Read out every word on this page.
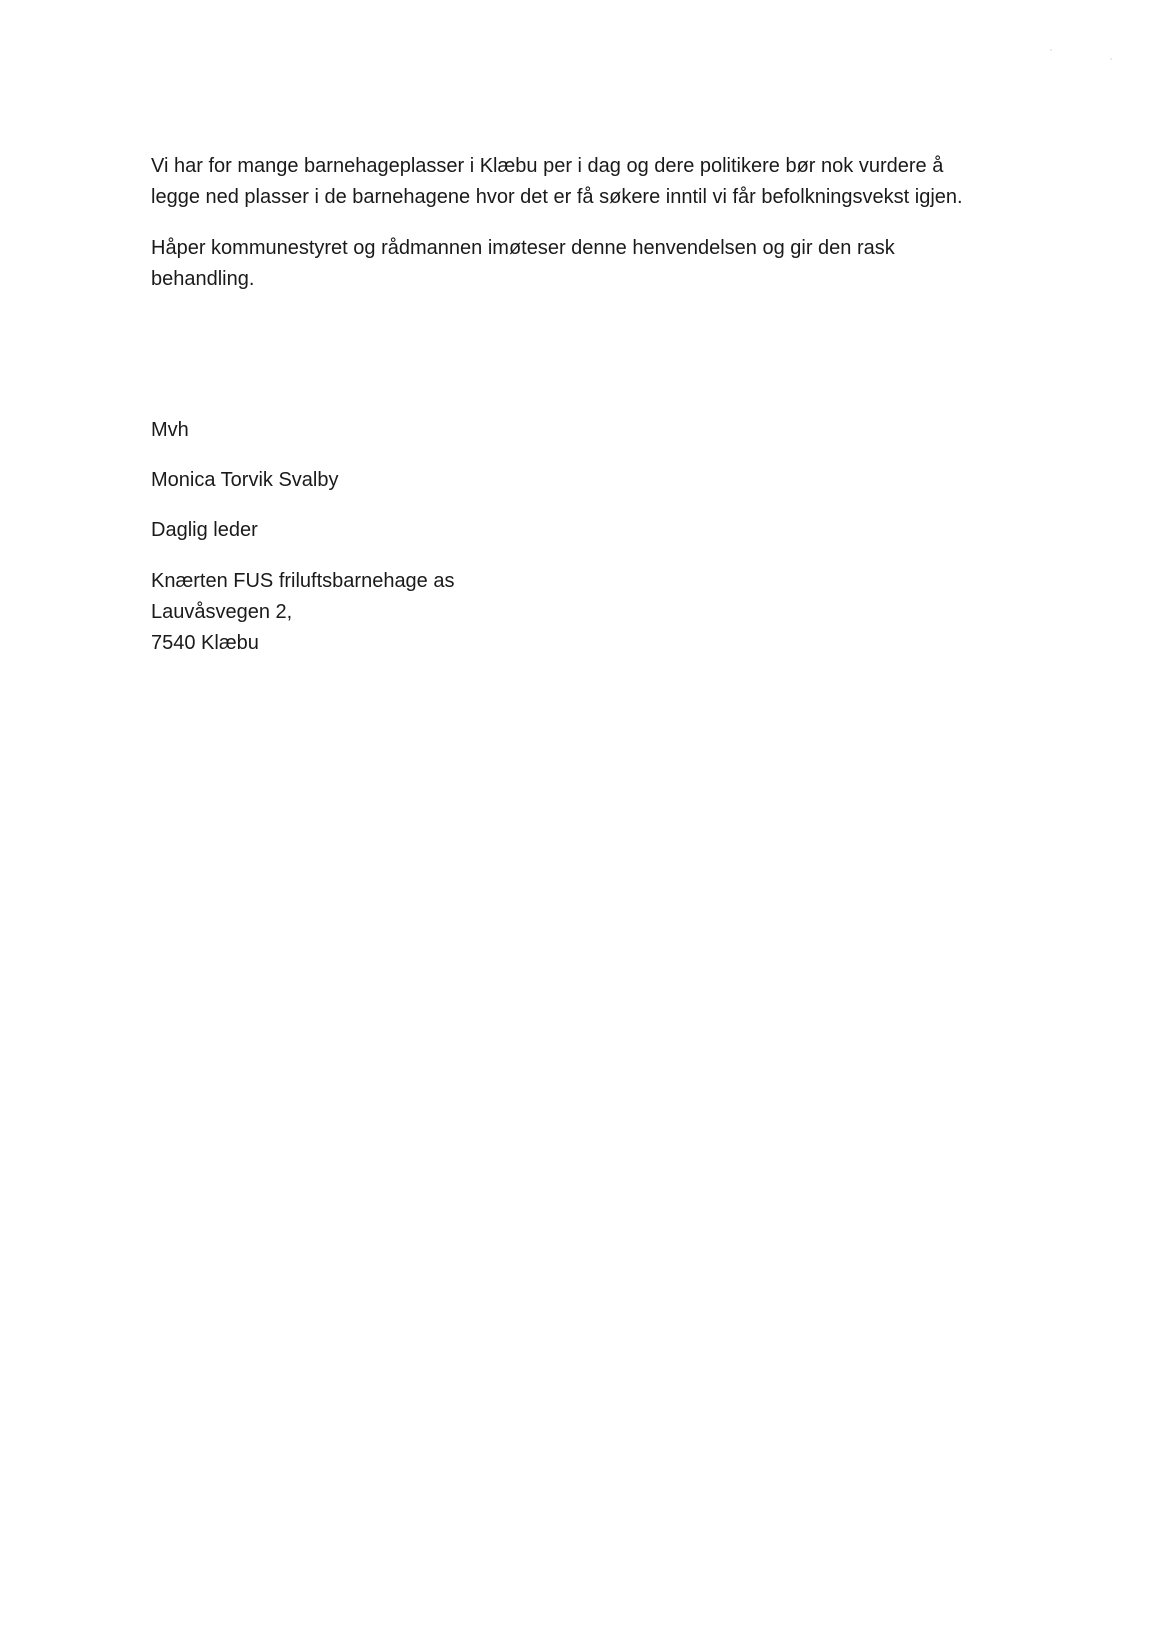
Vi har for mange barnehageplasser i Klæbu per i dag og dere politikere bør nok vurdere å
legge ned plasser i de barnehagene hvor det er få søkere inntil vi får befolkningsvekst igjen.

Håper kommunestyret og rådmannen imøteser denne henvendelsen og gir den rask
behandling.

Mvh

Monica Torvik Svalby

Daglig leder

Knærten FUS friluftsbarnehage as
Lauvåsvegen 2,
7540 Klæbu
